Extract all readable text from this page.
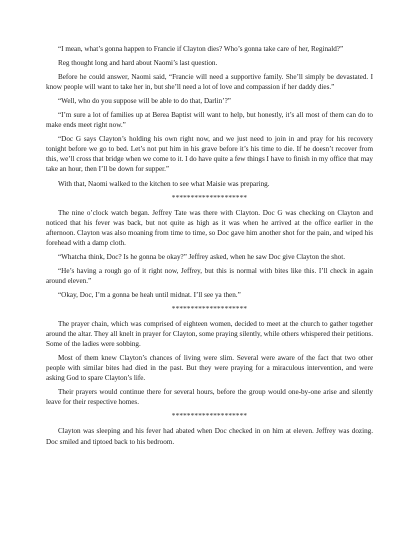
“I mean, what’s gonna happen to Francie if Clayton dies? Who’s gonna take care of her, Reginald?”

Reg thought long and hard about Naomi’s last question.

Before he could answer, Naomi said, “Francie will need a supportive family. She’ll simply be devastated. I know people will want to take her in, but she’ll need a lot of love and compassion if her daddy dies.”

“Well, who do you suppose will be able to do that, Darlin’?”

“I’m sure a lot of families up at Berea Baptist will want to help, but honestly, it’s all most of them can do to make ends meet right now.”

“Doc G says Clayton’s holding his own right now, and we just need to join in and pray for his recovery tonight before we go to bed. Let’s not put him in his grave before it’s his time to die. If he doesn’t recover from this, we’ll cross that bridge when we come to it. I do have quite a few things I have to finish in my office that may take an hour, then I’ll be down for supper.”

With that, Naomi walked to the kitchen to see what Maisie was preparing.

********************

The nine o’clock watch began. Jeffrey Tate was there with Clayton. Doc G was checking on Clayton and noticed that his fever was back, but not quite as high as it was when he arrived at the office earlier in the afternoon. Clayton was also moaning from time to time, so Doc gave him another shot for the pain, and wiped his forehead with a damp cloth.

“Whatcha think, Doc? Is he gonna be okay?” Jeffrey asked, when he saw Doc give Clayton the shot.

“He’s having a rough go of it right now, Jeffrey, but this is normal with bites like this. I’ll check in again around eleven.”

“Okay, Doc, I’m a gonna be heah until midnat. I’ll see ya then.”

********************

The prayer chain, which was comprised of eighteen women, decided to meet at the church to gather together around the altar. They all knelt in prayer for Clayton, some praying silently, while others whispered their petitions. Some of the ladies were sobbing.

Most of them knew Clayton’s chances of living were slim. Several were aware of the fact that two other people with similar bites had died in the past. But they were praying for a miraculous intervention, and were asking God to spare Clayton’s life.

Their prayers would continue there for several hours, before the group would one-by-one arise and silently leave for their respective homes.

********************

Clayton was sleeping and his fever had abated when Doc checked in on him at eleven. Jeffrey was dozing. Doc smiled and tiptoed back to his bedroom.
